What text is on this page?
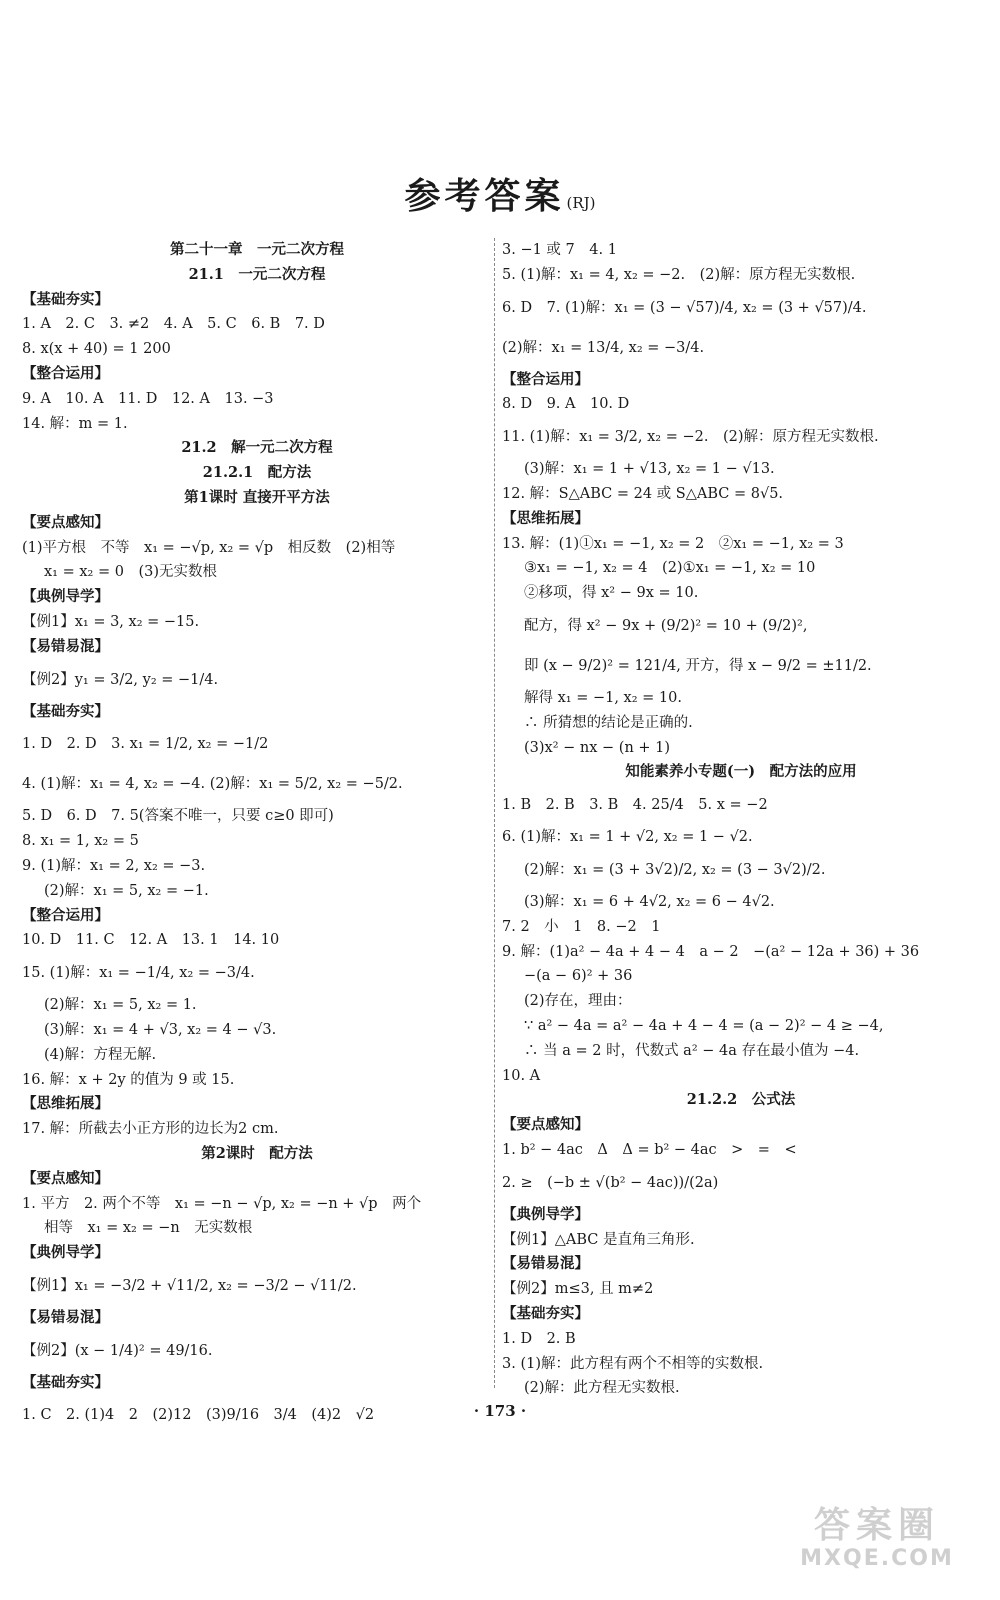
参考答案 (RJ)
第二十一章　一元二次方程
21.1　一元二次方程
【基础夯实】
1. A　2. C　3. ≠2　4. A　5. C　6. B　7. D
8. x(x + 40) = 1 200
【整合运用】
9. A　10. A　11. D　12. A　13. −3
14. 解：m = 1.
21.2　解一元二次方程
21.2.1　配方法
第1课时 直接开平方法
【要点感知】
(1)平方根　不等　x₁ = −√p, x₂ = √p　相反数　(2)相等
x₁ = x₂ = 0　(3)无实数根
【典例导学】
【例1】x₁ = 3, x₂ = −15.
【易错易混】
【例2】y₁ = 3/2, y₂ = −1/4.
【基础夯实】
1. D　2. D　3. x₁ = 1/2, x₂ = −1/2
4. (1)解：x₁ = 4, x₂ = −4. (2)解：x₁ = 5/2, x₂ = −5/2.
5. D　6. D　7. 5(答案不唯一，只要 c≥0 即可)
8. x₁ = 1, x₂ = 5
9. (1)解：x₁ = 2, x₂ = −3.
(2)解：x₁ = 5, x₂ = −1.
【整合运用】
10. D　11. C　12. A　13. 1　14. 10
15. (1)解：x₁ = −1/4, x₂ = −3/4.
(2)解：x₁ = 5, x₂ = 1.
(3)解：x₁ = 4 + √3, x₂ = 4 − √3.
(4)解：方程无解.
16. 解：x + 2y 的值为 9 或 15.
【思维拓展】
17. 解：所截去小正方形的边长为2 cm.
第2课时　配方法
【要点感知】
1. 平方　2. 两个不等　x₁ = −n − √p, x₂ = −n + √p　两个
相等　x₁ = x₂ = −n　无实数根
【典例导学】
【例1】x₁ = −3/2 + √11/2, x₂ = −3/2 − √11/2.
【易错易混】
【例2】(x − 1/4)² = 49/16.
【基础夯实】
1. C　2. (1)4　2　(2)12　(3)9/16　3/4　(4)2　√2
3. −1 或 7　4. 1
5. (1)解：x₁ = 4, x₂ = −2.　(2)解：原方程无实数根.
6. D　7. (1)解：x₁ = (3 − √57)/4, x₂ = (3 + √57)/4.
(2)解：x₁ = 13/4, x₂ = −3/4.
【整合运用】
8. D　9. A　10. D
11. (1)解：x₁ = 3/2, x₂ = −2.　(2)解：原方程无实数根.
(3)解：x₁ = 1 + √13, x₂ = 1 − √13.
12. 解：S△ABC = 24 或 S△ABC = 8√5.
【思维拓展】
13. 解：(1)①x₁ = −1, x₂ = 2　②x₁ = −1, x₂ = 3
③x₁ = −1, x₂ = 4　(2)①x₁ = −1, x₂ = 10
②移项，得 x² − 9x = 10.
配方，得 x² − 9x + (9/2)² = 10 + (9/2)²,
即 (x − 9/2)² = 121/4, 开方，得 x − 9/2 = ±11/2.
解得 x₁ = −1, x₂ = 10.
∴ 所猜想的结论是正确的.
(3)x² − nx − (n + 1)
知能素养小专题(一)　配方法的应用
1. B　2. B　3. B　4. 25/4　5. x = −2
6. (1)解：x₁ = 1 + √2, x₂ = 1 − √2.
(2)解：x₁ = (3 + 3√2)/2, x₂ = (3 − 3√2)/2.
(3)解：x₁ = 6 + 4√2, x₂ = 6 − 4√2.
7. 2　小　1　8. −2　1
9. 解：(1)a² − 4a + 4 − 4　a − 2　−(a² − 12a + 36) + 36
−(a − 6)² + 36
(2)存在，理由：
∵ a² − 4a = a² − 4a + 4 − 4 = (a − 2)² − 4 ≥ −4,
∴ 当 a = 2 时，代数式 a² − 4a 存在最小值为 −4.
10. A
21.2.2　公式法
【要点感知】
1. b² − 4ac　Δ　Δ = b² − 4ac　>　=　<
2. ≥　(−b ± √(b² − 4ac))/(2a)
【典例导学】
【例1】△ABC 是直角三角形.
【易错易混】
【例2】m≤3, 且 m≠2
【基础夯实】
1. D　2. B
3. (1)解：此方程有两个不相等的实数根.
(2)解：此方程无实数根.
· 173 ·
答案圈
MXQE.COM
